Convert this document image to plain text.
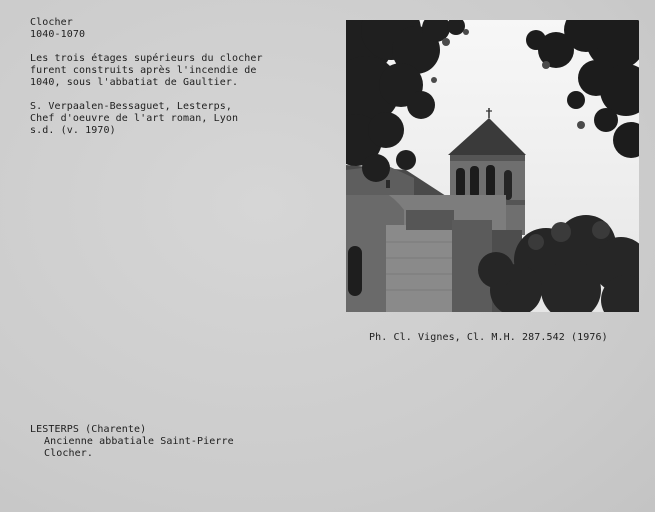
Clocher
1040-1070
Les trois étages supérieurs du clocher
furent construits après l'incendie de
1040, sous l'abbatiat de Gaultier.
S. Verpaalen-Bessaguet, Lesterps,
Chef d'oeuvre de l'art roman, Lyon
s.d. (v. 1970)
Ph. Cl. Vignes, Cl. M.H. 287.542 (1976)
LESTERPS (Charente)
Ancienne abbatiale Saint-Pierre
Clocher.
